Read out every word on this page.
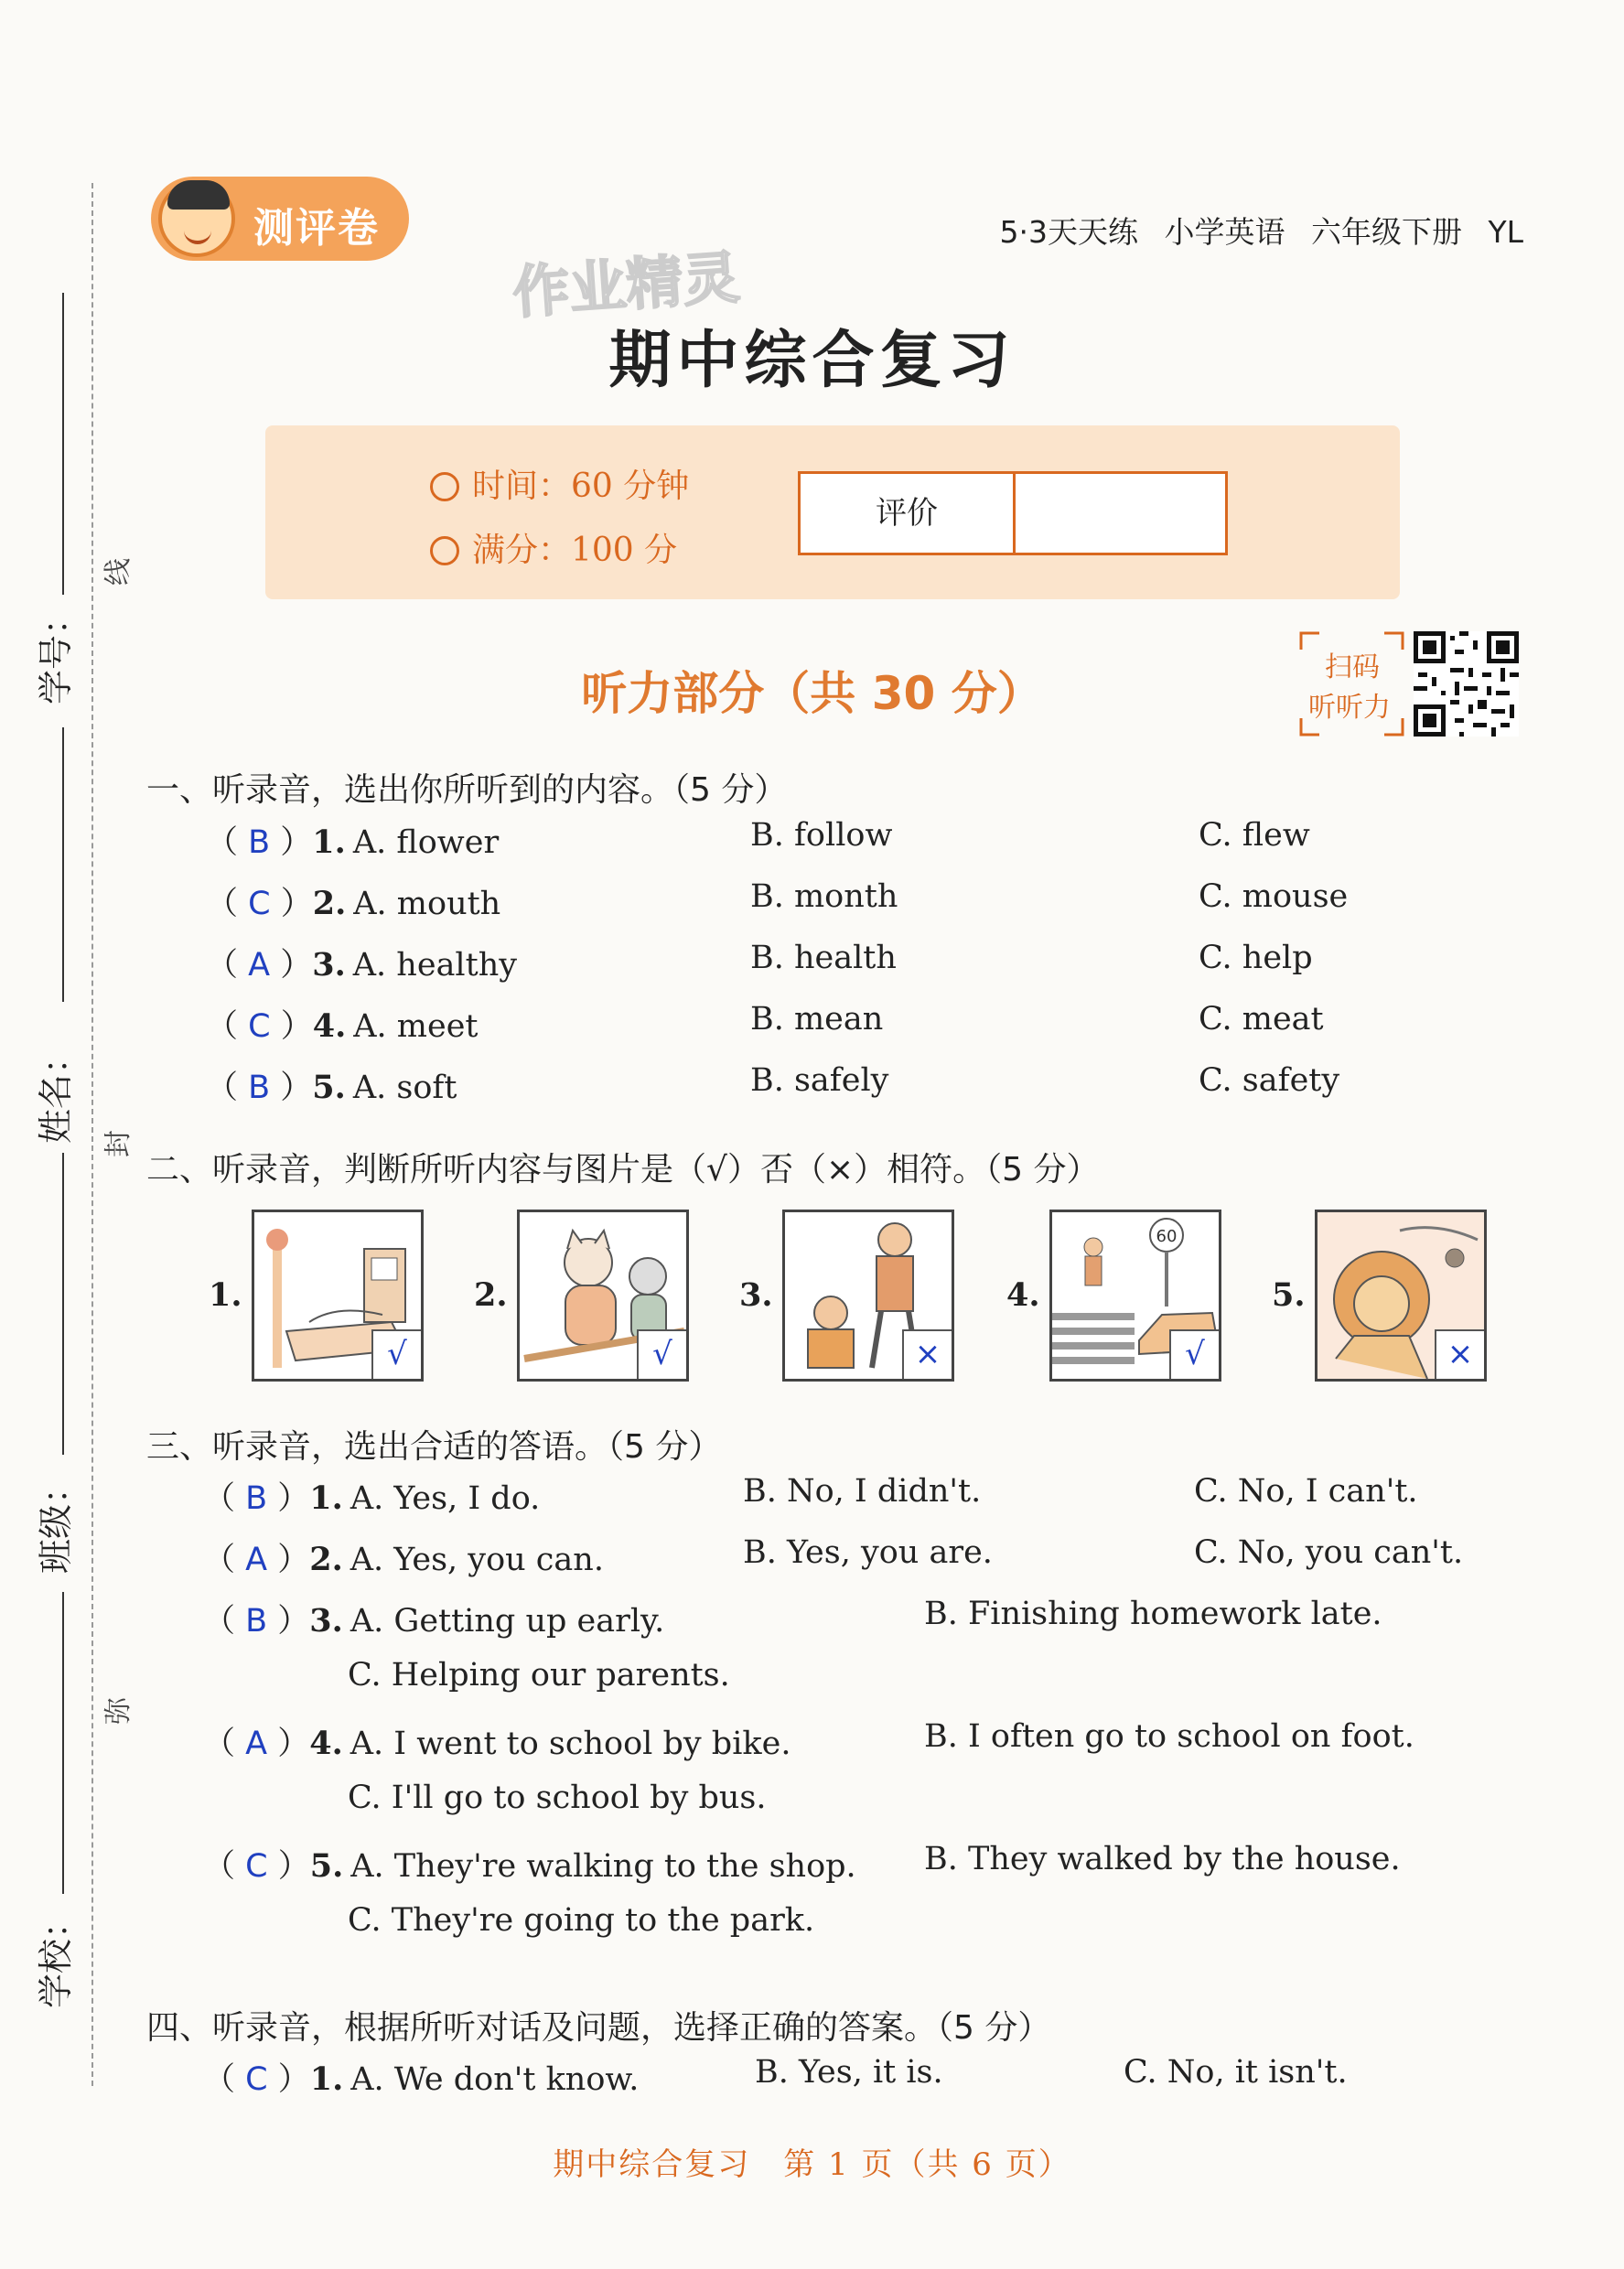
学号：
姓名：
班级：
学校：
线
封
弥
测评卷	5·3天天练 小学英语 六年级下册 YL
作业精灵
期中综合复习
时间：60 分钟
满分：100 分
评价
听力部分（共 30 分）	扫码
听听力
一、听录音，选出你所听到的内容。（5 分）
（ B ）1. A. flower	B. follow	C. flew
（ C ）2. A. mouth	B. month	C. mouse
（ A ）3. A. healthy	B. health	C. help
（ C ）4. A. meet	B. mean	C. meat
（ B ）5. A. soft	B. safely	C. safety
二、听录音，判断所听内容与图片是（√）否（×）相符。（5 分）
1.
√
2.
√
3.
×
4.
60
√
5.
×
三、听录音，选出合适的答语。（5 分）
（ B ）1. A. Yes, I do.	B. No, I didn't.	C. No, I can't.
（ A ）2. A. Yes, you can.	B. Yes, you are.	C. No, you can't.
（ B ）3. A. Getting up early.	B. Finishing homework late.
C. Helping our parents.
（ A ）4. A. I went to school by bike.	B. I often go to school on foot.
C. I'll go to school by bus.
（ C ）5. A. They're walking to the shop. B. They walked by the house.
C. They're going to the park.
四、听录音，根据所听对话及问题，选择正确的答案。（5 分）
（ C ）1. A. We don't know.	B. Yes, it is.	C. No, it isn't.
期中综合复习　第 1 页（共 6 页）
